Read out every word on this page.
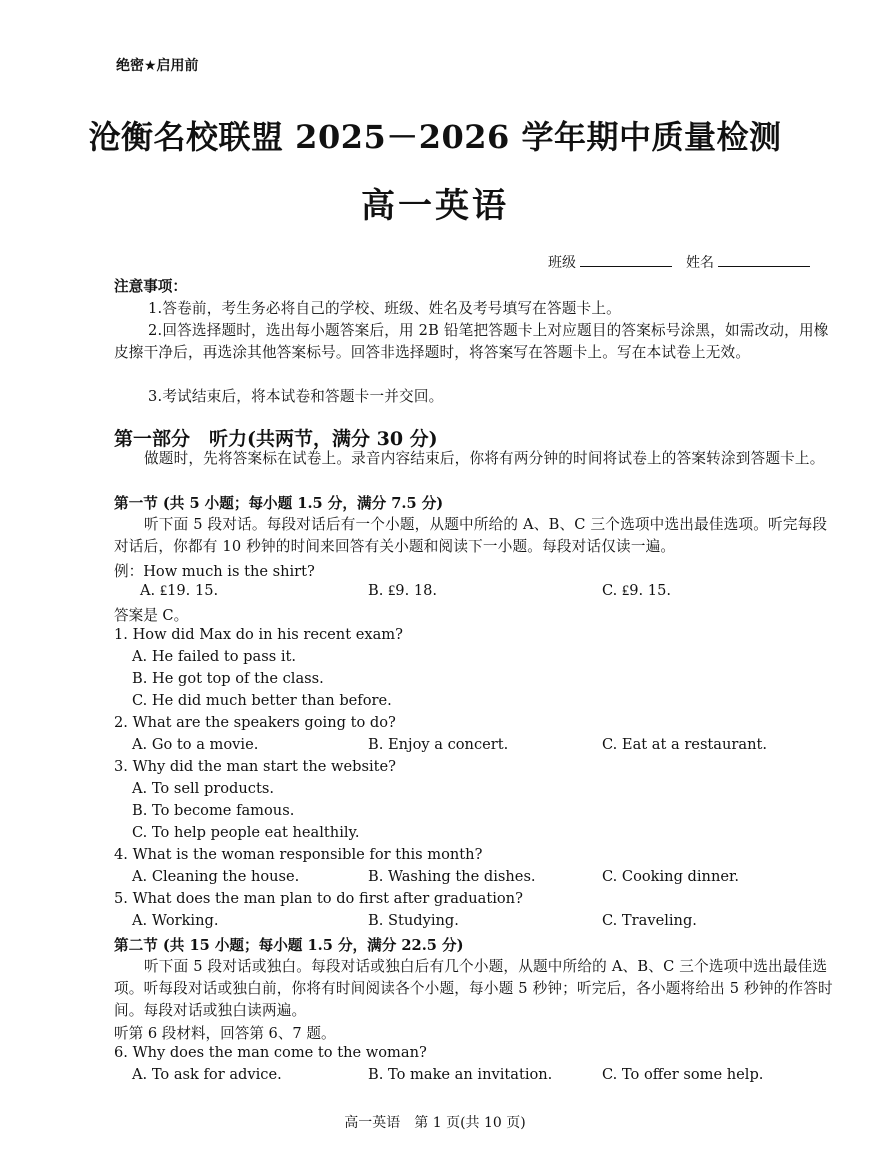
绝密★启用前
沧衡名校联盟 2025－2026 学年期中质量检测
高一英语
班级	姓名
注意事项：
1.答卷前，考生务必将自己的学校、班级、姓名及考号填写在答题卡上。
2.回答选择题时，选出每小题答案后，用 2B 铅笔把答题卡上对应题目的答案标号涂黑，如需改动，用橡皮擦干净后，再选涂其他答案标号。回答非选择题时，将答案写在答题卡上。写在本试卷上无效。
3.考试结束后，将本试卷和答题卡一并交回。
第一部分　听力(共两节，满分 30 分)
做题时，先将答案标在试卷上。录音内容结束后，你将有两分钟的时间将试卷上的答案转涂到答题卡上。
第一节 (共 5 小题；每小题 1.5 分，满分 7.5 分)
听下面 5 段对话。每段对话后有一个小题，从题中所给的 A、B、C 三个选项中选出最佳选项。听完每段对话后，你都有 10 秒钟的时间来回答有关小题和阅读下一小题。每段对话仅读一遍。
例：How much is the shirt?
A. ₤19. 15.	B. ₤9. 18.	C. ₤9. 15.
答案是 C。
1. How did Max do in his recent exam?
A. He failed to pass it.
B. He got top of the class.
C. He did much better than before.
2. What are the speakers going to do?
A. Go to a movie.	B. Enjoy a concert.	C. Eat at a restaurant.
3. Why did the man start the website?
A. To sell products.
B. To become famous.
C. To help people eat healthily.
4. What is the woman responsible for this month?
A. Cleaning the house.	B. Washing the dishes.	C. Cooking dinner.
5. What does the man plan to do first after graduation?
A. Working.	B. Studying.	C. Traveling.
第二节 (共 15 小题；每小题 1.5 分，满分 22.5 分)
听下面 5 段对话或独白。每段对话或独白后有几个小题，从题中所给的 A、B、C 三个选项中选出最佳选项。听每段对话或独白前，你将有时间阅读各个小题，每小题 5 秒钟；听完后，各小题将给出 5 秒钟的作答时间。每段对话或独白读两遍。
听第 6 段材料，回答第 6、7 题。
6. Why does the man come to the woman?
A. To ask for advice.	B. To make an invitation.	C. To offer some help.
高一英语　第 1 页(共 10 页)
